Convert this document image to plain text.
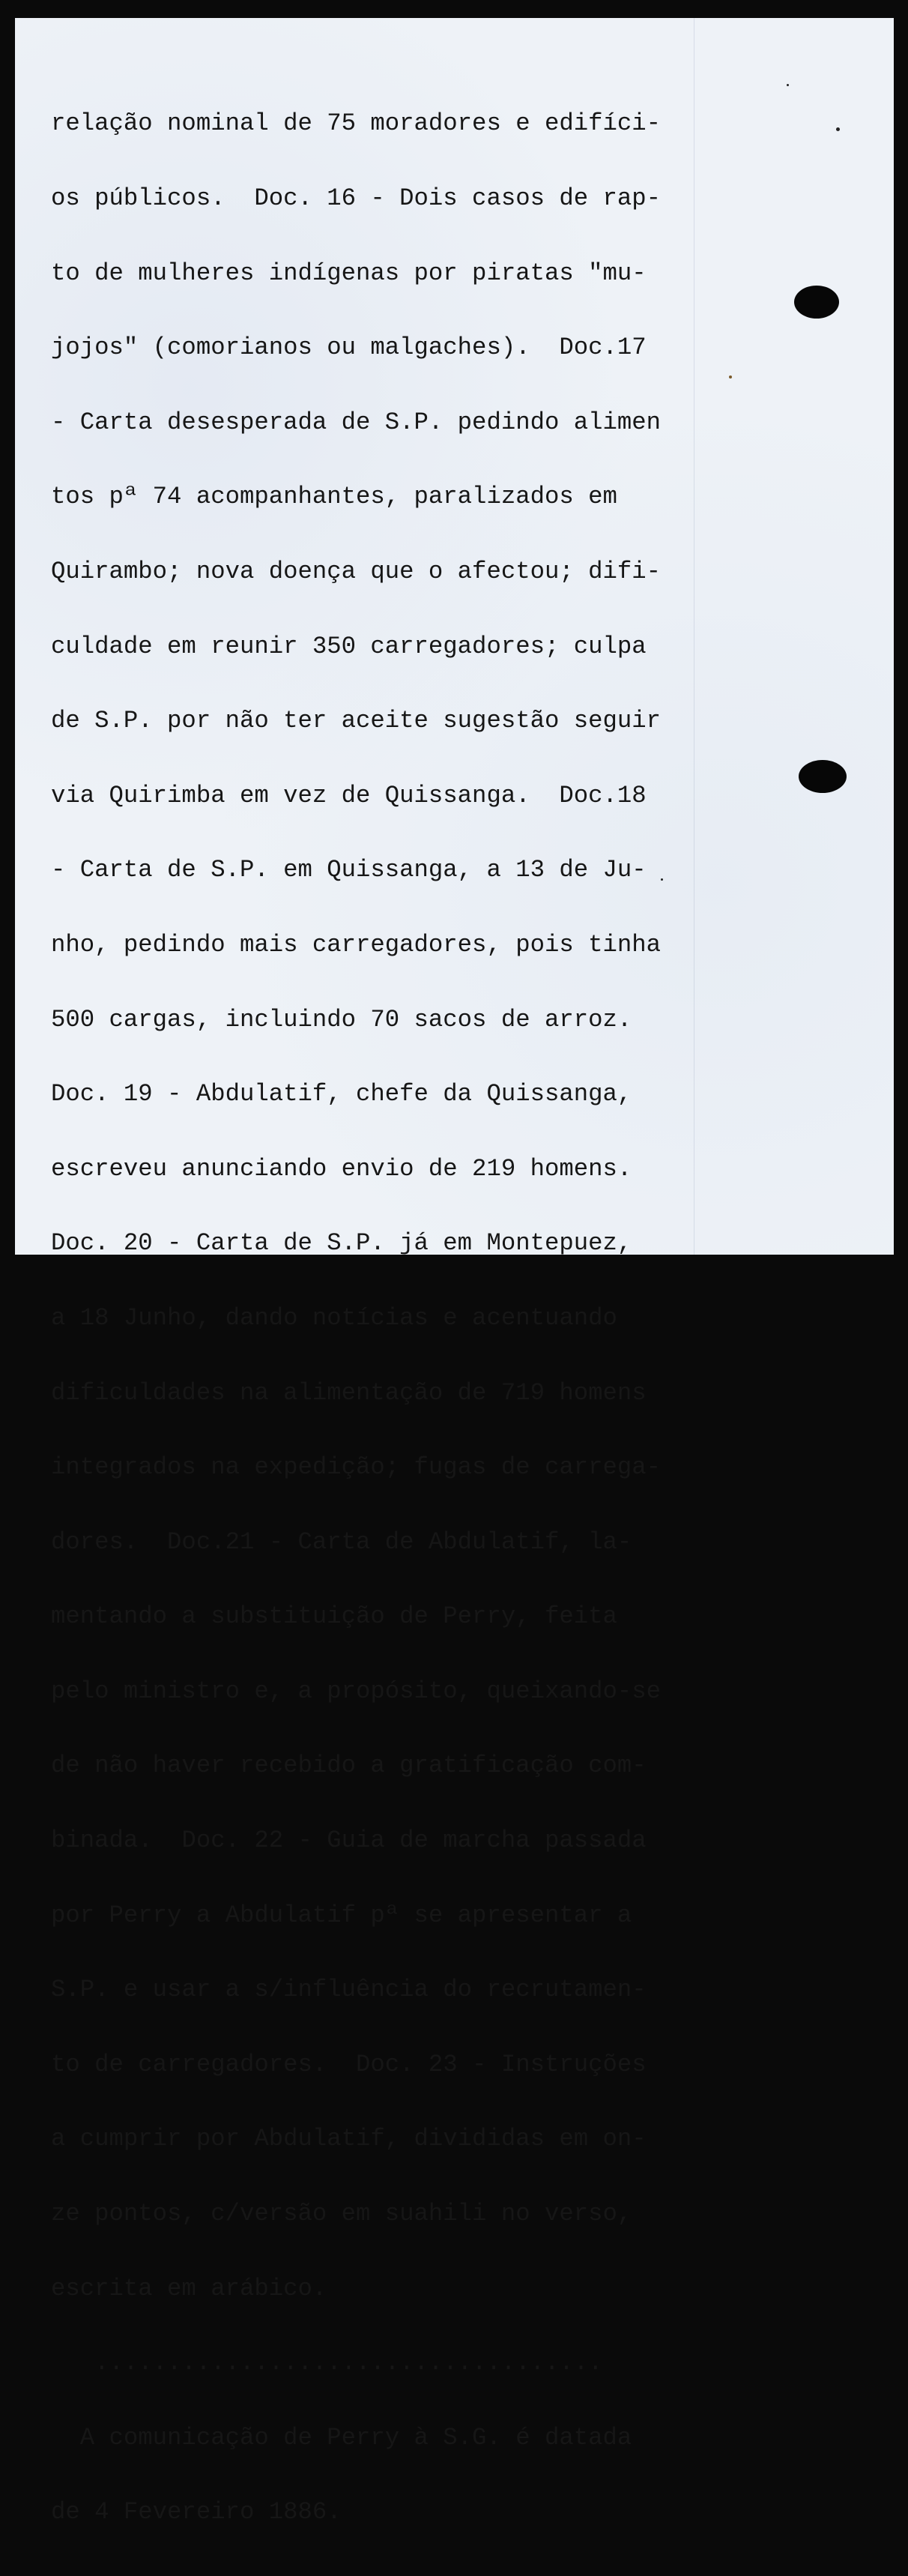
relação nominal de 75 moradores e edifíci-

os públicos.  Doc. 16 - Dois casos de rap-

to de mulheres indígenas por piratas "mu-

jojos" (comorianos ou malgaches).  Doc.17

- Carta desesperada de S.P. pedindo alimen

tos pª 74 acompanhantes, paralizados em

Quirambo; nova doença que o afectou; difi-

culdade em reunir 350 carregadores; culpa

de S.P. por não ter aceite sugestão seguir

via Quirimba em vez de Quissanga.  Doc.18

- Carta de S.P. em Quissanga, a 13 de Ju-

nho, pedindo mais carregadores, pois tinha

500 cargas, incluindo 70 sacos de arroz.

Doc. 19 - Abdulatif, chefe da Quissanga,

escreveu anunciando envio de 219 homens.

Doc. 20 - Carta de S.P. já em Montepuez,

a 18 Junho, dando notícias e acentuando

dificuldades na alimentação de 719 homens

integrados na expedição; fugas de carrega-

dores.  Doc.21 - Carta de Abdulatif, la-

mentando a substituição de Perry, feita

pelo ministro e, a propósito, queixando-se

de não haver recebido a gratificação com-

binada.  Doc. 22 - Guia de marcha passada

por Perry a Abdulatif pª se apresentar a

S.P. e usar a s/influência do recrutamen-

to de carregadores.  Doc. 23 - Instruções

a cumprir por Abdulatif, divididas em on-

ze pontos, c/versão em suahili no verso,

escrita em arábico.

...................................

A comunicação de Perry à S.G. é datada

de 4 Fevereiro 1886.
